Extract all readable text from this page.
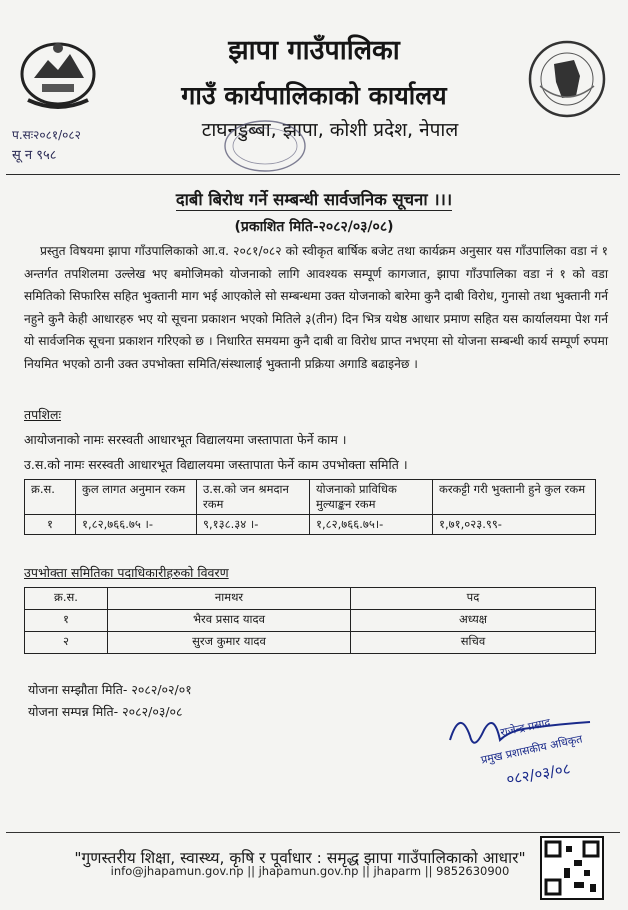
झापा गाउँपालिका
गाउँ कार्यपालिकाको कार्यालय
टाघनडुब्बा, झापा, कोशी प्रदेश, नेपाल
प.सः२०८१/०८२
सू न ९५८
दाबी बिरोध गर्ने सम्बन्धी सार्वजनिक सूचना ।।।
(प्रकाशित मिति-२०८२/०३/०८)
प्रस्तुत विषयमा झापा गाँउपालिकाको आ.व. २०८१/०८२ को स्वीकृत बार्षिक बजेट तथा कार्यक्रम अनुसार यस गाँउपालिका वडा नं १ अन्तर्गत तपशिलमा उल्लेख भए बमोजिमको योजनाको लागि आवश्यक सम्पूर्ण कागजात, झापा गाँउपालिका वडा नं १ को वडा समितिको सिफारिस सहित भुक्तानी माग भई आएकोले सो सम्बन्धमा उक्त योजनाको बारेमा कुनै दाबी विरोध, गुनासो तथा भुक्तानी गर्न नहुने कुनै केही आधारहरु भए यो सूचना प्रकाशन भएको मितिले ३(तीन) दिन भित्र यथेष्ठ आधार प्रमाण सहित यस कार्यालयमा पेश गर्न यो सार्वजनिक सूचना प्रकाशन गरिएको छ । निधारित समयमा कुनै दाबी वा विरोध प्राप्त नभएमा सो योजना सम्बन्धी कार्य सम्पूर्ण रुपमा नियमित भएको ठानी उक्त उपभोक्ता समिति/संस्थालाई भुक्तानी प्रक्रिया अगाडि बढाइनेछ ।
तपशिलः
आयोजनाको नामः सरस्वती आधारभूत विद्यालयमा जस्तापाता फेर्ने काम ।
उ.स.को नामः सरस्वती आधारभूत विद्यालयमा जस्तापाता फेर्ने काम उपभोक्ता समिति ।
क्र.स.	कुल लागत अनुमान रकम	उ.स.को जन श्रमदान रकम	योजनाको प्राविधिक मुल्याङ्कन रकम	करकट्टी गरी भुक्तानी हुने कुल रकम
१	१,८२,७६६.७५ ।-	९,१३८.३४ ।-	१,८२,७६६.७५।-	१,७१,०२३.९९-
उपभोक्ता समितिका पदाधिकारीहरुको विवरण
क्र.स.	नामथर	पद
१	भैरव प्रसाद यादव	अध्यक्ष
२	सुरज कुमार यादव	सचिव
योजना सम्झौता मिति- २०८२/०२/०१
योजना सम्पन्न मिति- २०८२/०३/०८
राजेन्द्र प्रसाद
प्रमुख प्रशासकीय अधिकृत
०८२/०३/०८
"गुणस्तरीय शिक्षा, स्वास्थ्य, कृषि र पूर्वाधार : समृद्ध झापा गाउँपालिकाको आधार"
info@jhapamun.gov.np || jhapamun.gov.np || jhaparm || 9852630900
